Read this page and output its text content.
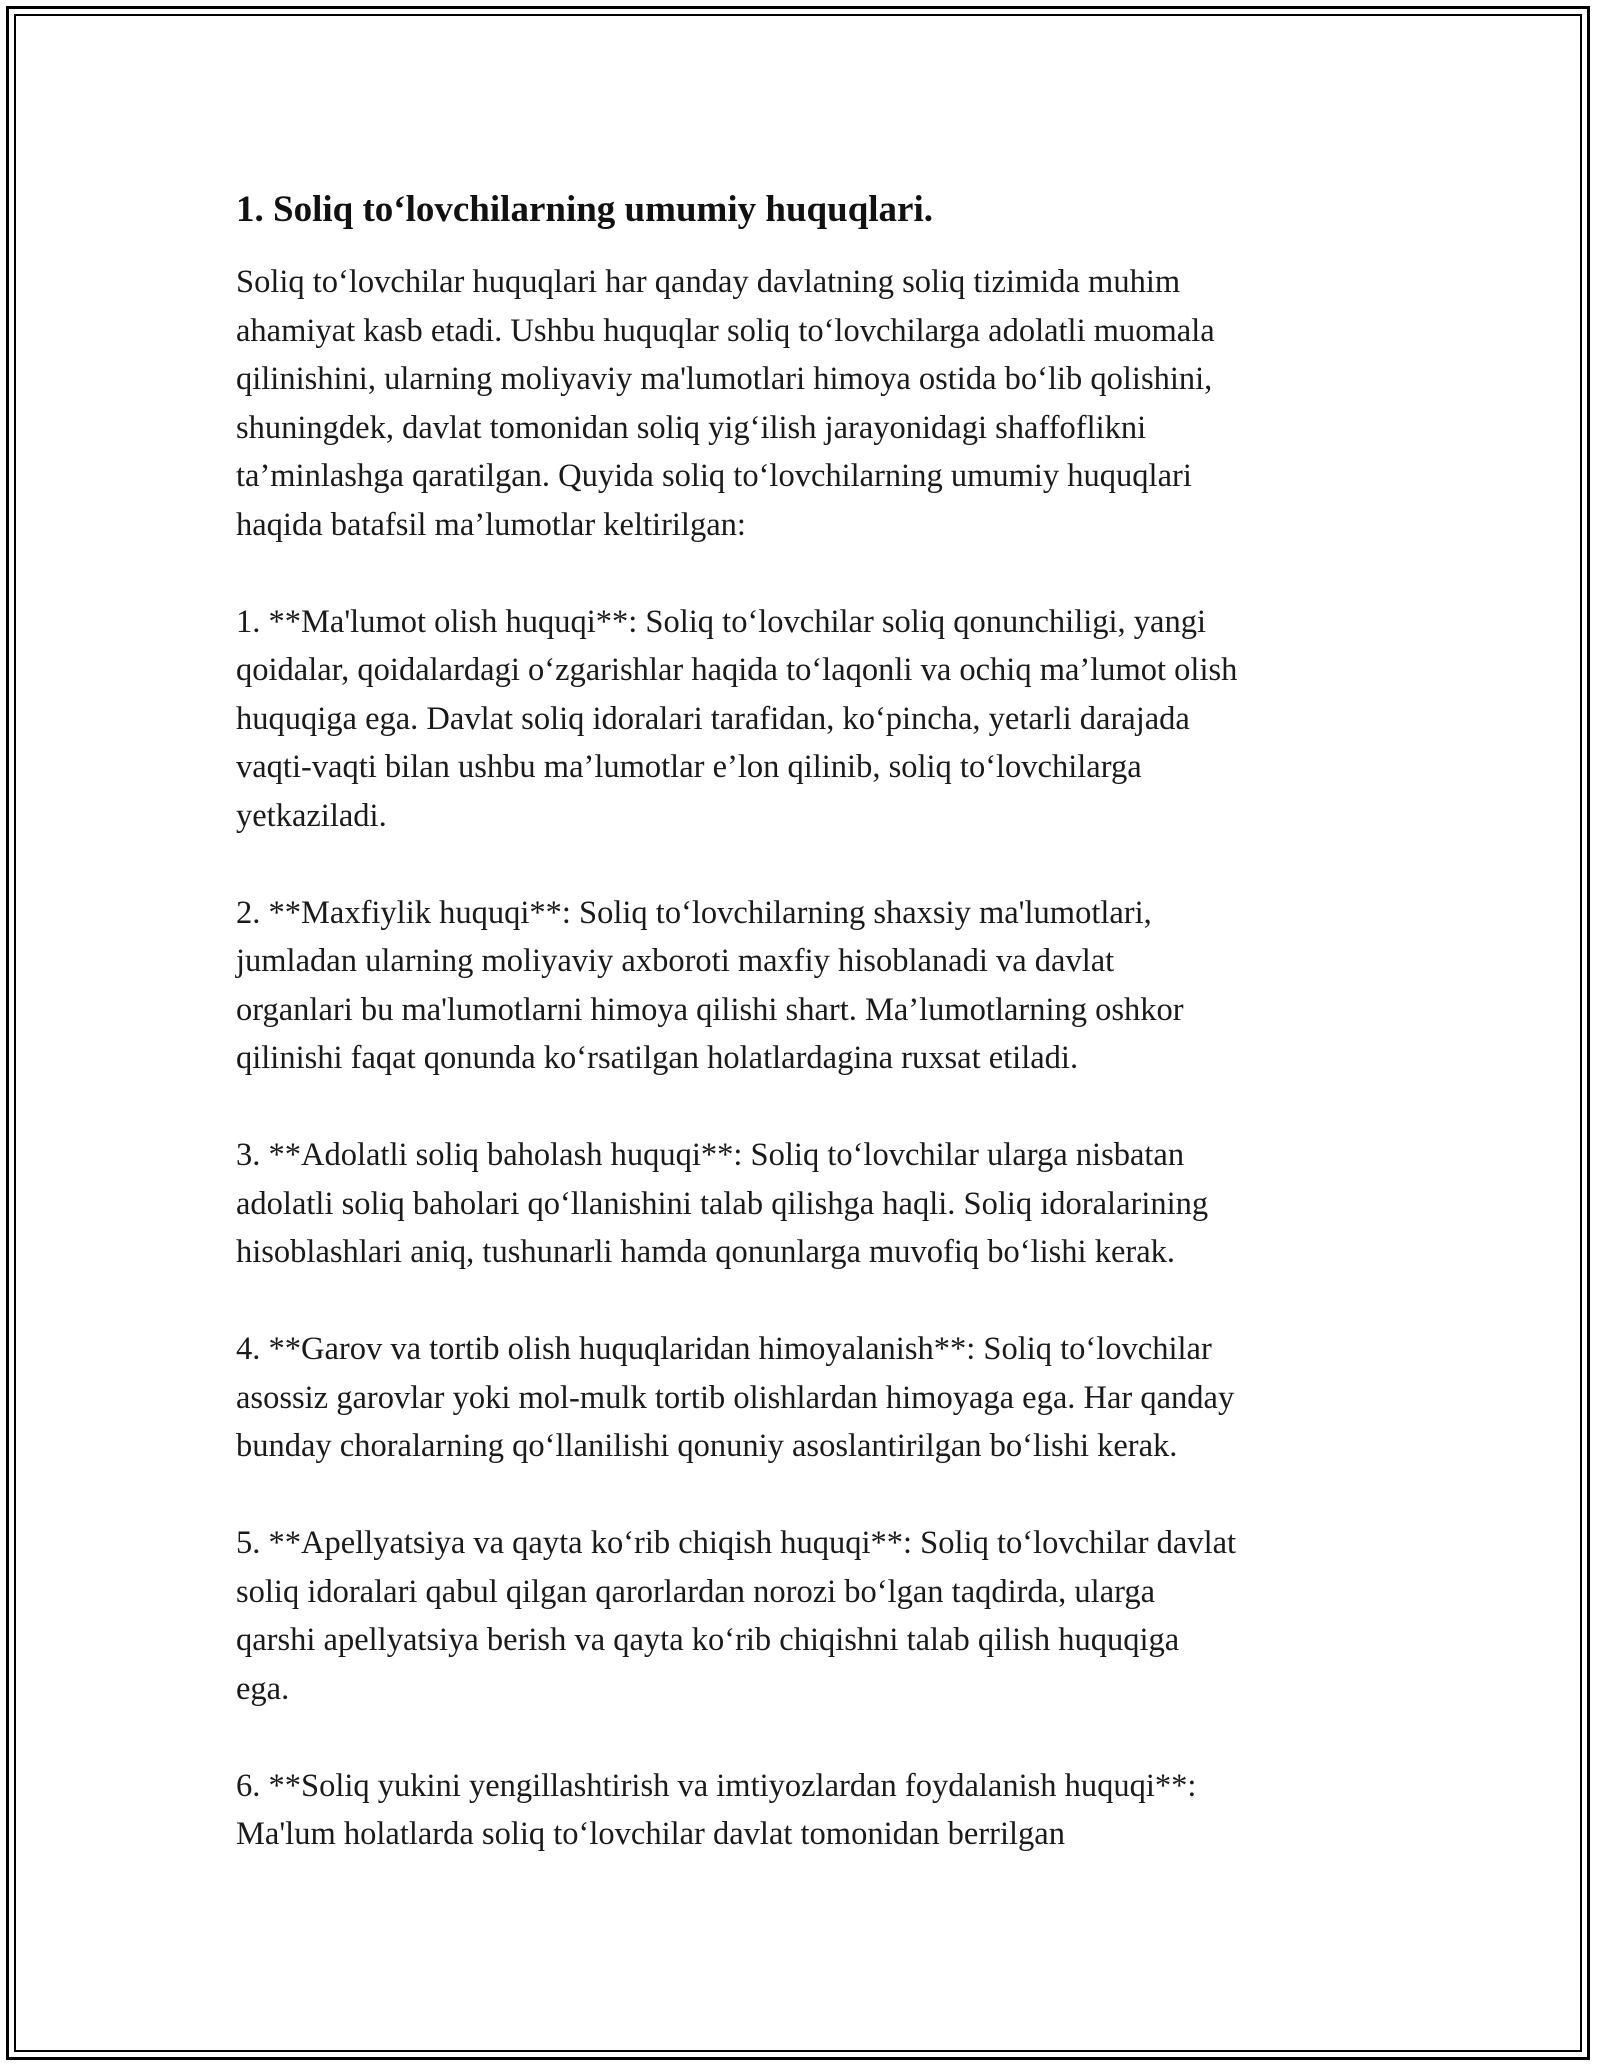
1. Soliq to‘lovchilarning umumiy huquqlari.

Soliq to‘lovchilar huquqlari har qanday davlatning soliq tizimida muhim
ahamiyat kasb etadi. Ushbu huquqlar soliq to‘lovchilarga adolatli muomala
qilinishini, ularning moliyaviy ma'lumotlari himoya ostida bo‘lib qolishini,
shuningdek, davlat tomonidan soliq yig‘ilish jarayonidagi shaffoflikni
ta’minlashga qaratilgan. Quyida soliq to‘lovchilarning umumiy huquqlari
haqida batafsil ma’lumotlar keltirilgan:

1. **Ma'lumot olish huquqi**: Soliq to‘lovchilar soliq qonunchiligi, yangi
qoidalar, qoidalardagi o‘zgarishlar haqida to‘laqonli va ochiq ma’lumot olish
huquqiga ega. Davlat soliq idoralari tarafidan, ko‘pincha, yetarli darajada
vaqti-vaqti bilan ushbu ma’lumotlar e’lon qilinib, soliq to‘lovchilarga
yetkaziladi.

2. **Maxfiylik huquqi**: Soliq to‘lovchilarning shaxsiy ma'lumotlari,
jumladan ularning moliyaviy axboroti maxfiy hisoblanadi va davlat
organlari bu ma'lumotlarni himoya qilishi shart. Ma’lumotlarning oshkor
qilinishi faqat qonunda ko‘rsatilgan holatlardagina ruxsat etiladi.

3. **Adolatli soliq baholash huquqi**: Soliq to‘lovchilar ularga nisbatan
adolatli soliq baholari qo‘llanishini talab qilishga haqli. Soliq idoralarining
hisoblashlari aniq, tushunarli hamda qonunlarga muvofiq bo‘lishi kerak.

4. **Garov va tortib olish huquqlaridan himoyalanish**: Soliq to‘lovchilar
asossiz garovlar yoki mol-mulk tortib olishlardan himoyaga ega. Har qanday
bunday choralarning qo‘llanilishi qonuniy asoslantirilgan bo‘lishi kerak.

5. **Apellyatsiya va qayta ko‘rib chiqish huquqi**: Soliq to‘lovchilar davlat
soliq idoralari qabul qilgan qarorlardan norozi bo‘lgan taqdirda, ularga
qarshi apellyatsiya berish va qayta ko‘rib chiqishni talab qilish huquqiga
ega.

6. **Soliq yukini yengillashtirish va imtiyozlardan foydalanish huquqi**:
Ma'lum holatlarda soliq to‘lovchilar davlat tomonidan berrilgan
